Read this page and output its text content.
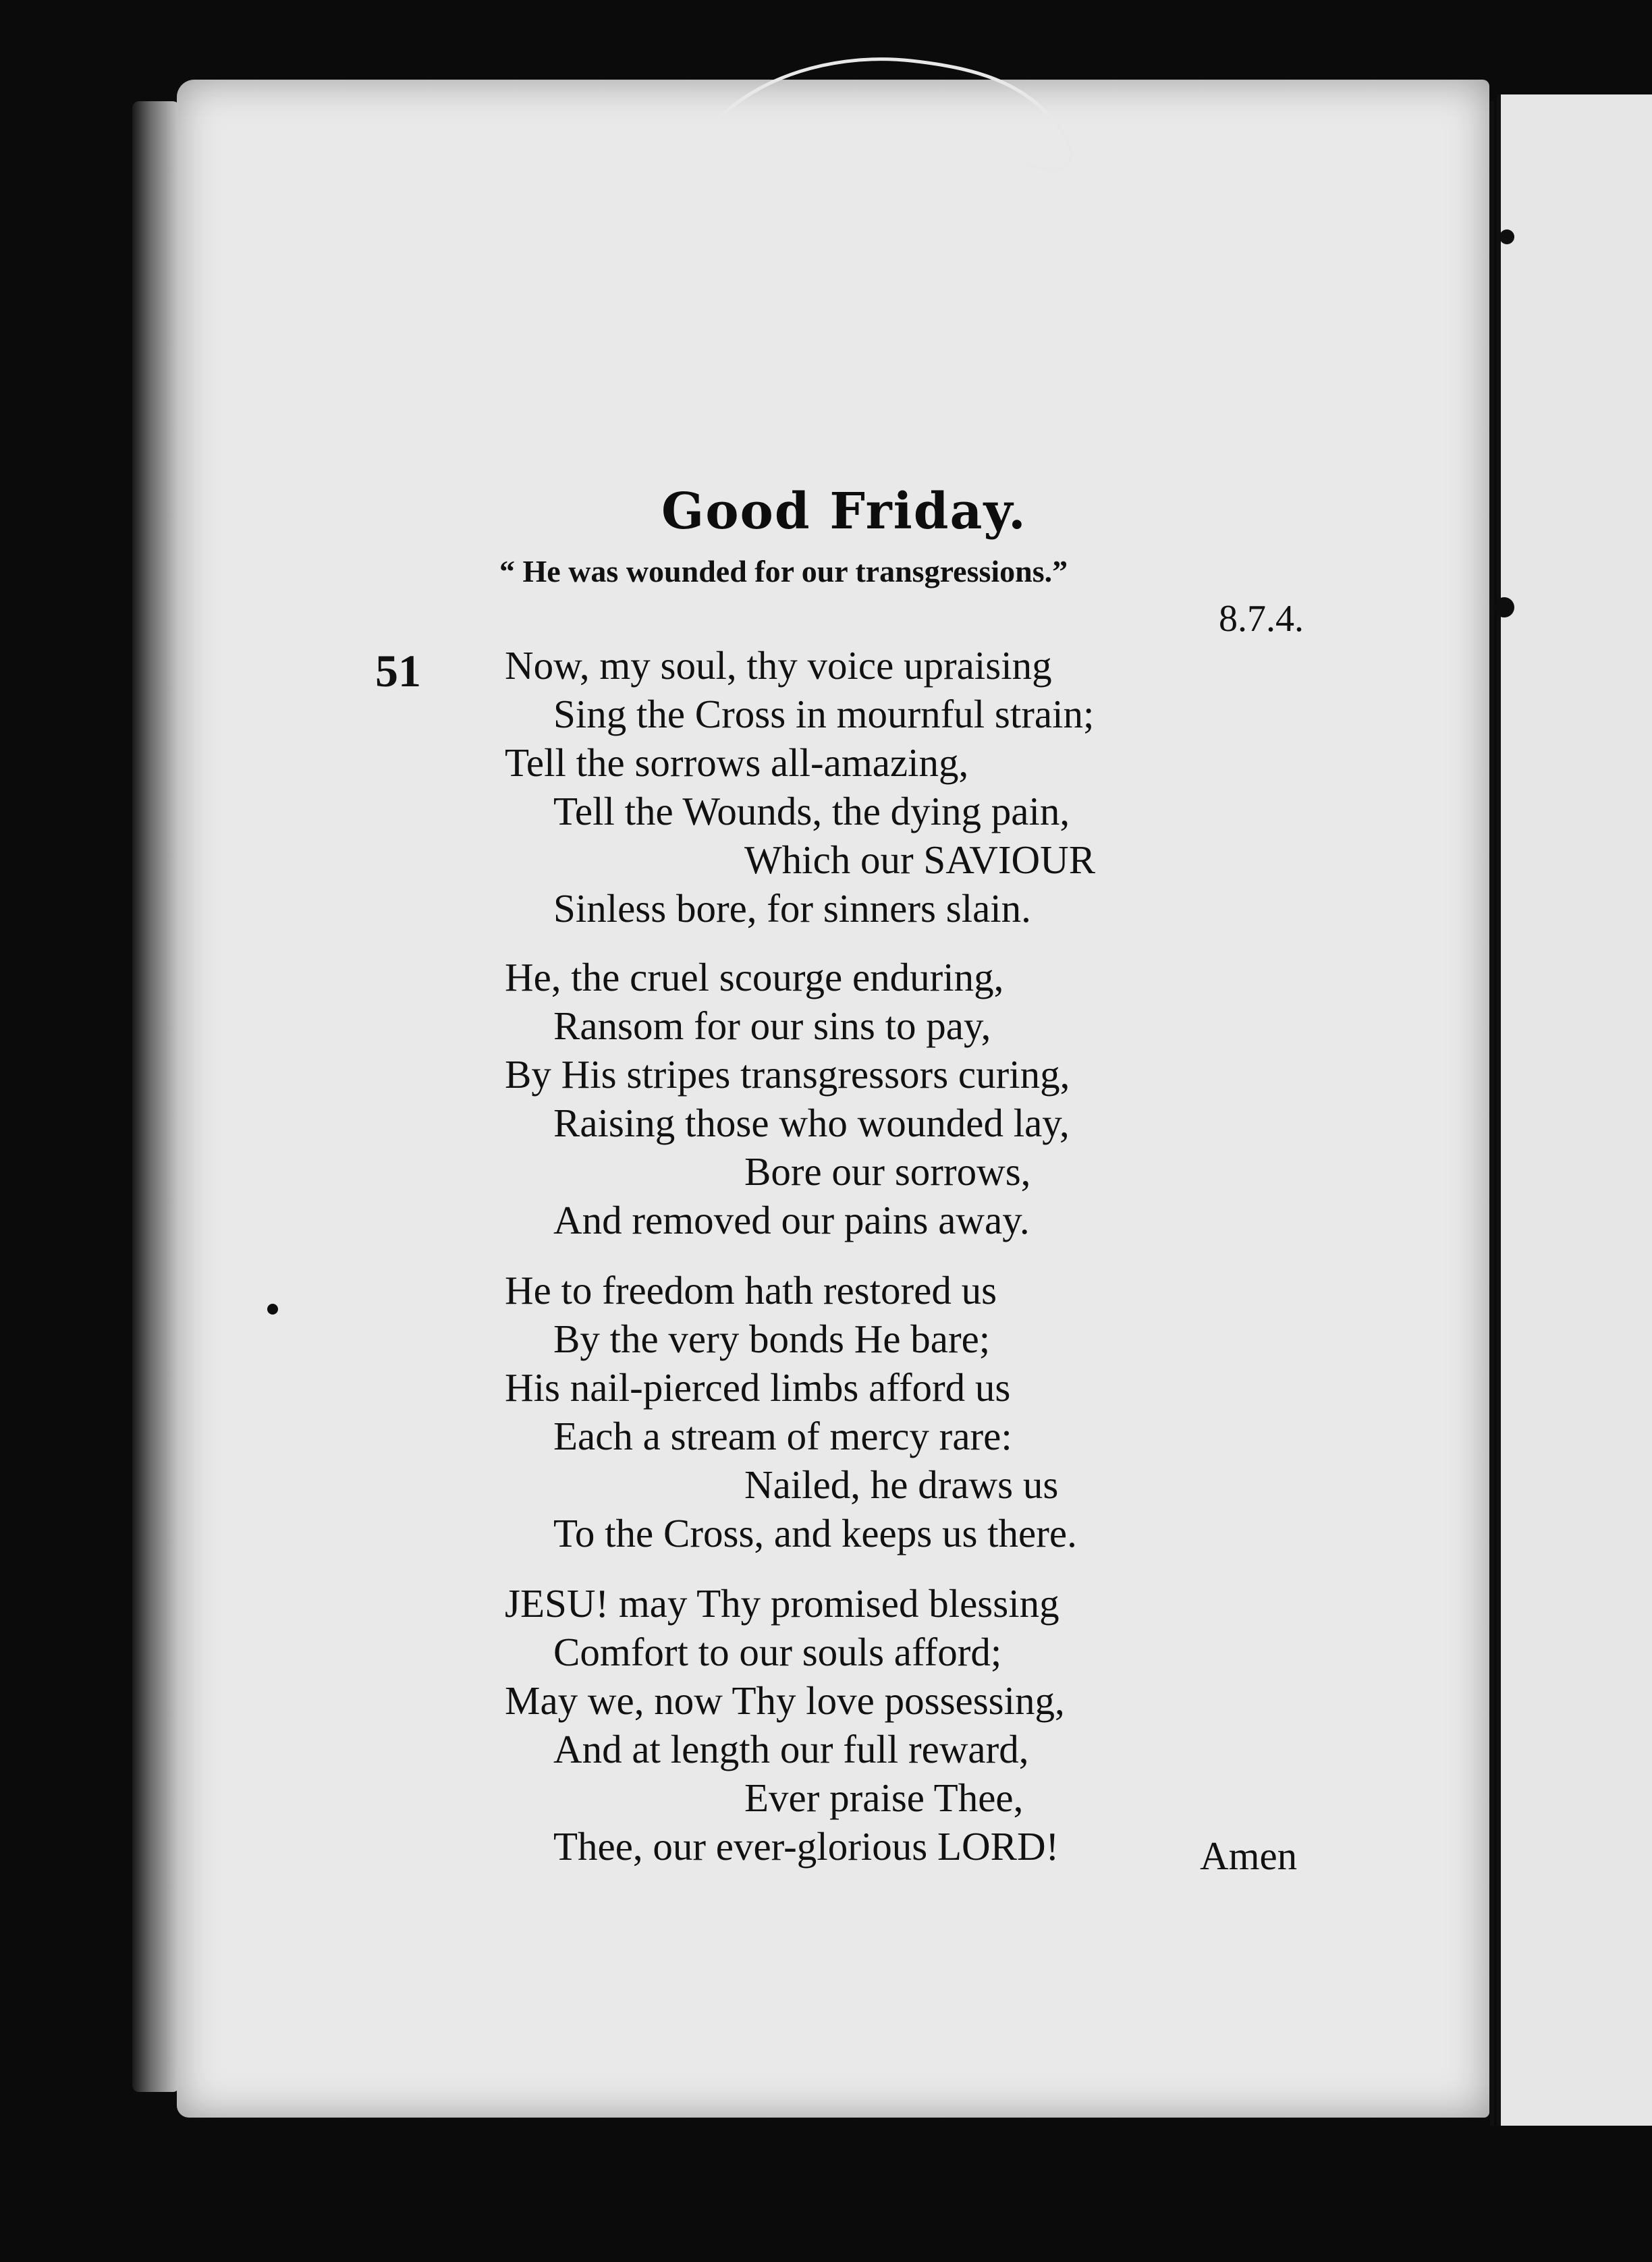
Good Friday.
“ He was wounded for our transgressions.”
8.7.4.
51 Now, my soul, thy voice upraising
Sing the Cross in mournful strain;
Tell the sorrows all-amazing,
Tell the Wounds, the dying pain,
Which our SAVIOUR
Sinless bore, for sinners slain.
He, the cruel scourge enduring,
Ransom for our sins to pay,
By His stripes transgressors curing,
Raising those who wounded lay,
Bore our sorrows,
And removed our pains away.
He to freedom hath restored us
By the very bonds He bare;
His nail-pierced limbs afford us
Each a stream of mercy rare:
Nailed, he draws us
To the Cross, and keeps us there.
JESU! may Thy promised blessing
Comfort to our souls afford;
May we, now Thy love possessing,
And at length our full reward,
Ever praise Thee,
Thee, our ever-glorious LORD!	Amen
